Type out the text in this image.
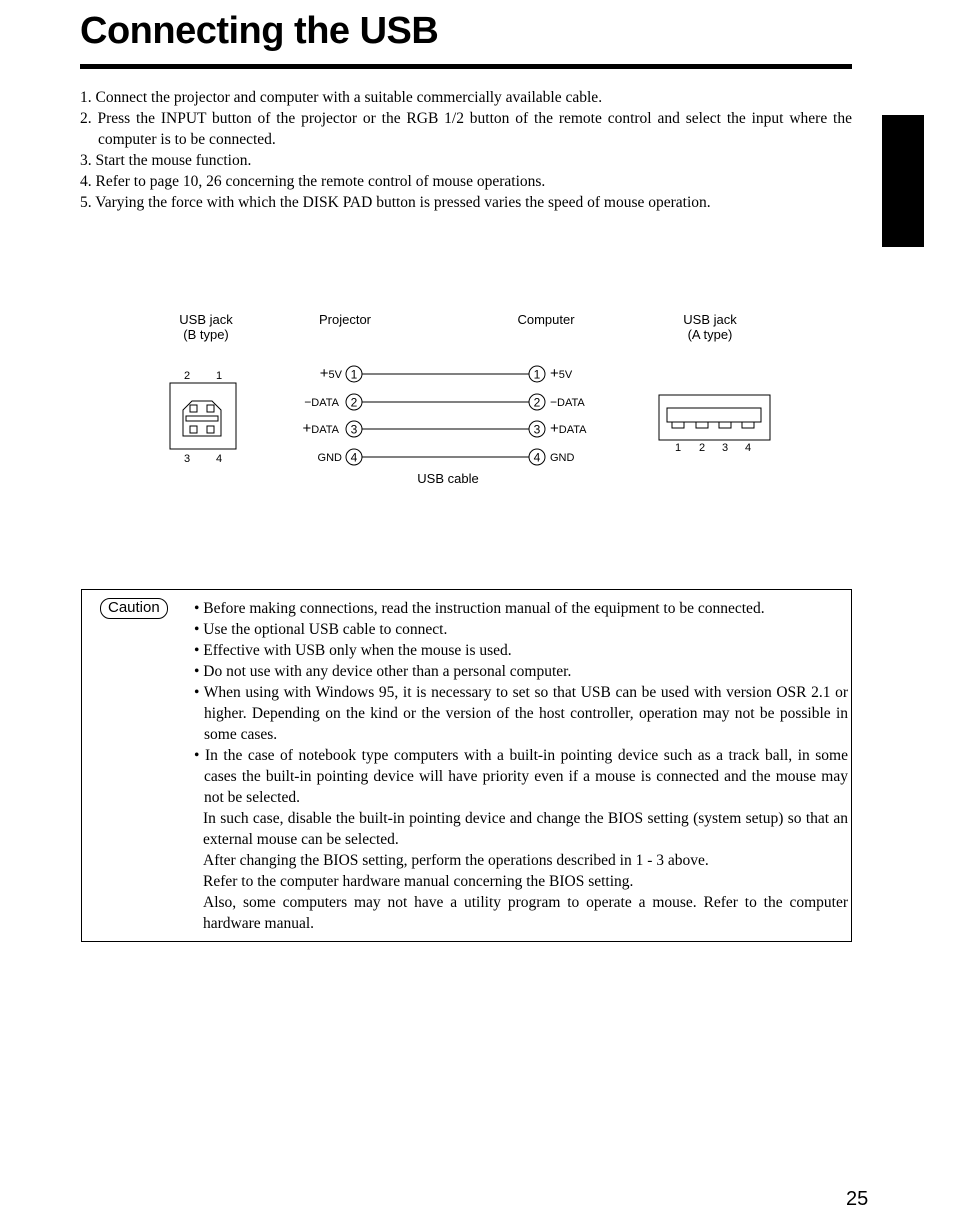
Connecting the USB
1. Connect the projector and computer with a suitable commercially available cable.
2. Press the INPUT button of the projector or the RGB 1/2 button of the remote control and select the input where the computer is to be connected.
3. Start the mouse function.
4. Refer to page 10, 26 concerning the remote control of mouse operations.
5. Varying the force with which the DISK PAD button is pressed varies the speed of mouse operation.
USB jack
(B type)
Projector	Computer	USB jack
(A type)
2 1
3 4
+5V 1	1 +5V
−DATA 2	2 −DATA
+DATA 3	3 +DATA
GND 4	4 GND
USB cable
1 2 3 4
Caution	• Before making connections, read the instruction manual of the equipment to be connected.
• Use the optional USB cable to connect.
• Effective with USB only when the mouse is used.
• Do not use with any device other than a personal computer.
• When using with Windows 95, it is necessary to set so that USB can be used with version OSR 2.1 or higher. Depending on the kind or the version of the host controller, operation may not be possible in some cases.
• In the case of notebook type computers with a built-in pointing device such as a track ball, in some cases the built-in pointing device will have priority even if a mouse is connected and the mouse may not be selected.
In such case, disable the built-in pointing device and change the BIOS setting (system setup) so that an external mouse can be selected.
After changing the BIOS setting, perform the operations described in 1 - 3 above.
Refer to the computer hardware manual concerning the BIOS setting.
Also, some computers may not have a utility program to operate a mouse. Refer to the computer hardware manual.
25
